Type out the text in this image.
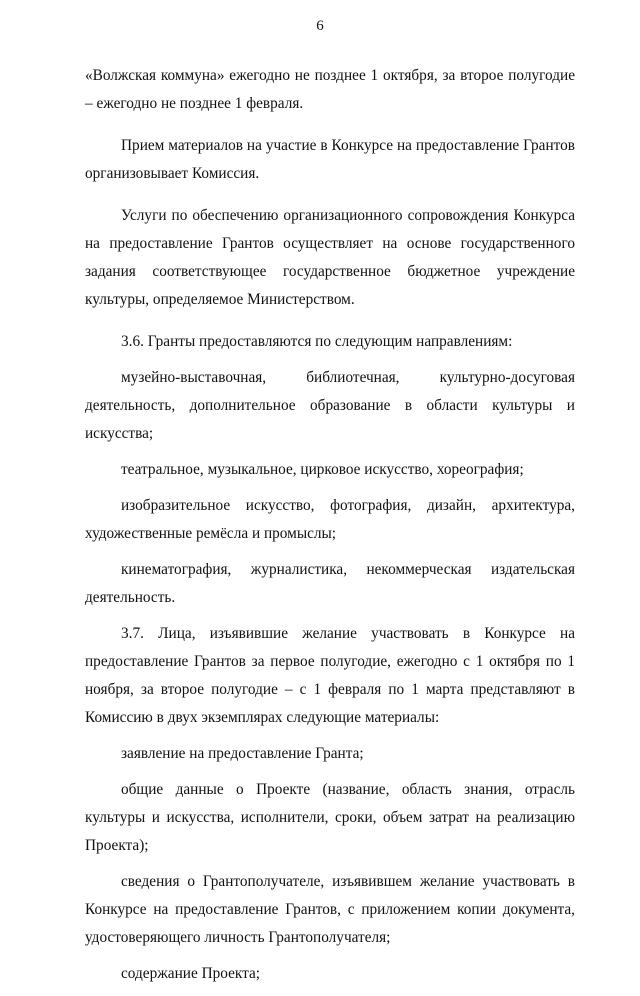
6

«Волжская коммуна» ежегодно не позднее 1 октября, за второе полугодие – ежегодно не позднее 1 февраля.

Прием материалов на участие в Конкурсе на предоставление Грантов организовывает Комиссия.

Услуги по обеспечению организационного сопровождения Конкурса на предоставление Грантов осуществляет на основе государственного задания соответствующее государственное бюджетное учреждение культуры, определяемое Министерством.

3.6. Гранты предоставляются по следующим направлениям:

музейно-выставочная, библиотечная, культурно-досуговая деятельность, дополнительное образование в области культуры и искусства;

театральное, музыкальное, цирковое искусство, хореография;

изобразительное искусство, фотография, дизайн, архитектура, художественные ремёсла и промыслы;

кинематография, журналистика, некоммерческая издательская деятельность.

3.7. Лица, изъявившие желание участвовать в Конкурсе на предоставление Грантов за первое полугодие, ежегодно с 1 октября по 1 ноября, за второе полугодие – с 1 февраля по 1 марта представляют в Комиссию в двух экземплярах следующие материалы:

заявление на предоставление Гранта;

общие данные о Проекте (название, область знания, отрасль культуры и искусства, исполнители, сроки, объем затрат на реализацию Проекта);

сведения о Грантополучателе, изъявившем желание участвовать в Конкурсе на предоставление Грантов, с приложением копии документа, удостоверяющего личность Грантополучателя;

содержание Проекта;
